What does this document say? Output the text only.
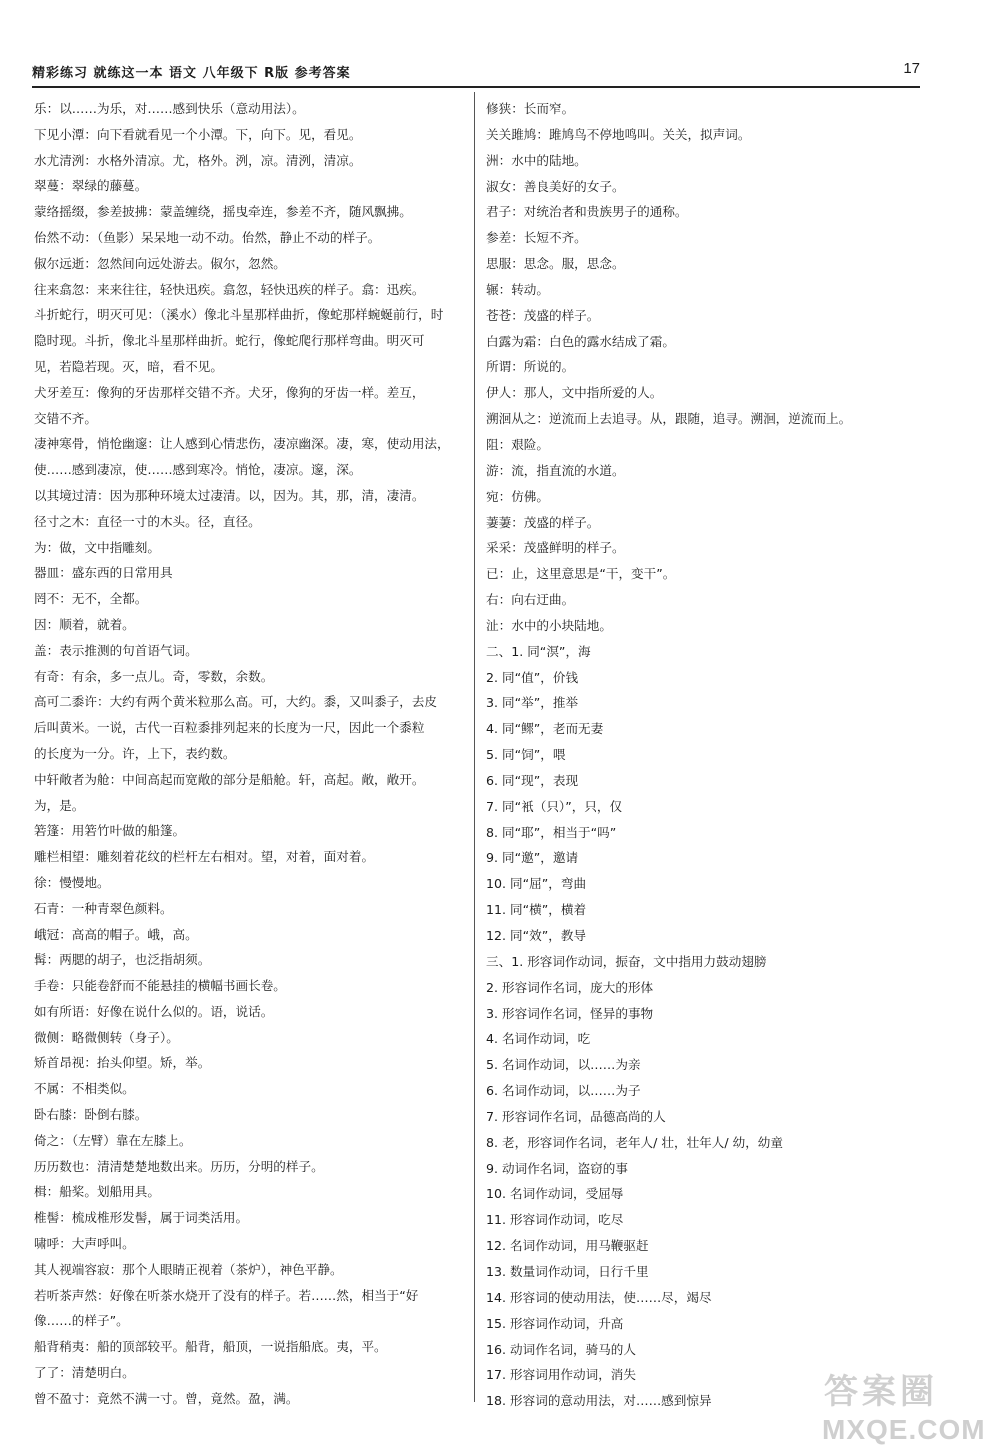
精彩练习 就练这一本 语文 八年级下 R版 参考答案	17
乐：以……为乐，对……感到快乐（意动用法）。
下见小潭：向下看就看见一个小潭。下，向下。见，看见。
水尤清洌：水格外清凉。尤，格外。洌，凉。清洌，清凉。
翠蔓：翠绿的藤蔓。
蒙络摇缀，参差披拂：蒙盖缠绕，摇曳牵连，参差不齐，随风飘拂。
佁然不动：（鱼影）呆呆地一动不动。佁然，静止不动的样子。
俶尔远逝：忽然间向远处游去。俶尔，忽然。
往来翕忽：来来往往，轻快迅疾。翕忽，轻快迅疾的样子。翕：迅疾。
斗折蛇行，明灭可见：（溪水）像北斗星那样曲折，像蛇那样蜿蜒前行，时
隐时现。斗折，像北斗星那样曲折。蛇行，像蛇爬行那样弯曲。明灭可
见，若隐若现。灭，暗，看不见。
犬牙差互：像狗的牙齿那样交错不齐。犬牙，像狗的牙齿一样。差互，
交错不齐。
凄神寒骨，悄怆幽邃：让人感到心情悲伤，凄凉幽深。凄，寒，使动用法，
使……感到凄凉，使……感到寒冷。悄怆，凄凉。邃，深。
以其境过清：因为那种环境太过凄清。以，因为。其，那，清，凄清。
径寸之木：直径一寸的木头。径，直径。
为：做，文中指雕刻。
器皿：盛东西的日常用具
罔不：无不，全都。
因：顺着，就着。
盖：表示推测的句首语气词。
有奇：有余，多一点儿。奇，零数，余数。
高可二黍许：大约有两个黄米粒那么高。可，大约。黍，又叫黍子，去皮
后叫黄米。一说，古代一百粒黍排列起来的长度为一尺，因此一个黍粒
的长度为一分。许，上下，表约数。
中轩敞者为舱：中间高起而宽敞的部分是船舱。轩，高起。敞，敞开。
为，是。
箬篷：用箬竹叶做的船篷。
雕栏相望：雕刻着花纹的栏杆左右相对。望，对着，面对着。
徐：慢慢地。
石青：一种青翠色颜料。
峨冠：高高的帽子。峨，高。
髯：两腮的胡子，也泛指胡须。
手卷：只能卷舒而不能悬挂的横幅书画长卷。
如有所语：好像在说什么似的。语，说话。
微侧：略微侧转（身子）。
矫首昂视：抬头仰望。矫，举。
不属：不相类似。
卧右膝：卧倒右膝。
倚之：（左臂）靠在左膝上。
历历数也：清清楚楚地数出来。历历，分明的样子。
楫：船桨。划船用具。
椎髻：梳成椎形发髻，属于词类活用。
啸呼：大声呼叫。
其人视端容寂：那个人眼睛正视着（茶炉），神色平静。
若听茶声然：好像在听茶水烧开了没有的样子。若……然，相当于“好
像……的样子”。
船背稍夷：船的顶部较平。船背，船顶，一说指船底。夷，平。
了了：清楚明白。
曾不盈寸：竟然不满一寸。曾，竟然。盈，满。
修狭：长而窄。
关关雎鸠：雎鸠鸟不停地鸣叫。关关，拟声词。
洲：水中的陆地。
淑女：善良美好的女子。
君子：对统治者和贵族男子的通称。
参差：长短不齐。
思服：思念。服，思念。
辗：转动。
苍苍：茂盛的样子。
白露为霜：白色的露水结成了霜。
所谓：所说的。
伊人：那人，文中指所爱的人。
溯洄从之：逆流而上去追寻。从，跟随，追寻。溯洄，逆流而上。
阻：艰险。
游：流，指直流的水道。
宛：仿佛。
萋萋：茂盛的样子。
采采：茂盛鲜明的样子。
已：止，这里意思是“干，变干”。
右：向右迂曲。
沚：水中的小块陆地。
二、1. 同“溟”，海
2. 同“值”，价钱
3. 同“举”，推举
4. 同“鳏”，老而无妻
5. 同“饲”，喂
6. 同“现”，表现
7. 同“衹（只）”，只，仅
8. 同“耶”，相当于“吗”
9. 同“邀”，邀请
10. 同“屈”，弯曲
11. 同“横”，横着
12. 同“效”，教导
三、1. 形容词作动词，振奋，文中指用力鼓动翅膀
2. 形容词作名词，庞大的形体
3. 形容词作名词，怪异的事物
4. 名词作动词，吃
5. 名词作动词，以……为亲
6. 名词作动词，以……为子
7. 形容词作名词，品德高尚的人
8. 老，形容词作名词，老年人/ 壮，壮年人/ 幼，幼童
9. 动词作名词，盗窃的事
10. 名词作动词，受屈辱
11. 形容词作动词，吃尽
12. 名词作动词，用马鞭驱赶
13. 数量词作动词，日行千里
14. 形容词的使动用法，使……尽，竭尽
15. 形容词作动词，升高
16. 动词作名词，骑马的人
17. 形容词用作动词，消失
18. 形容词的意动用法，对……感到惊异	答案圈
MXQE.COM
